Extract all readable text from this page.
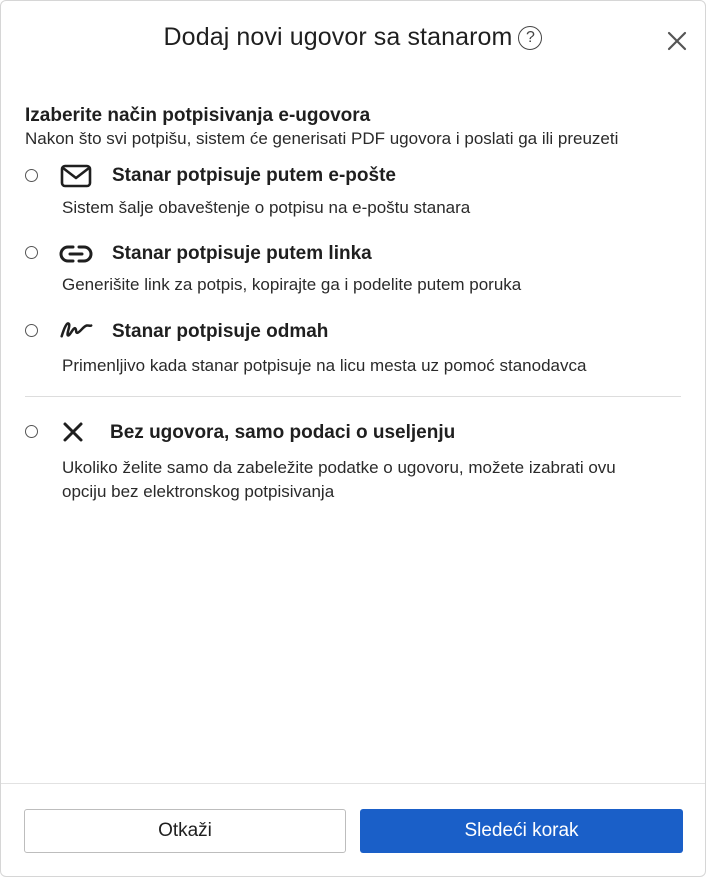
Dodaj novi ugovor sa stanarom ?
Izaberite način potpisivanja e-ugovora
Nakon što svi potpišu, sistem će generisati PDF ugovora i poslati ga ili preuzeti
Stanar potpisuje putem e-pošte
Sistem šalje obaveštenje o potpisu na e-poštu stanara
Stanar potpisuje putem linka
Generišite link za potpis, kopirajte ga i podelite putem poruka
Stanar potpisuje odmah
Primenljivo kada stanar potpisuje na licu mesta uz pomoć stanodavca
Bez ugovora, samo podaci o useljenju
Ukoliko želite samo da zabeležite podatke o ugovoru, možete izabrati ovu opciju bez elektronskog potpisivanja
Otkaži	Sledeći korak
